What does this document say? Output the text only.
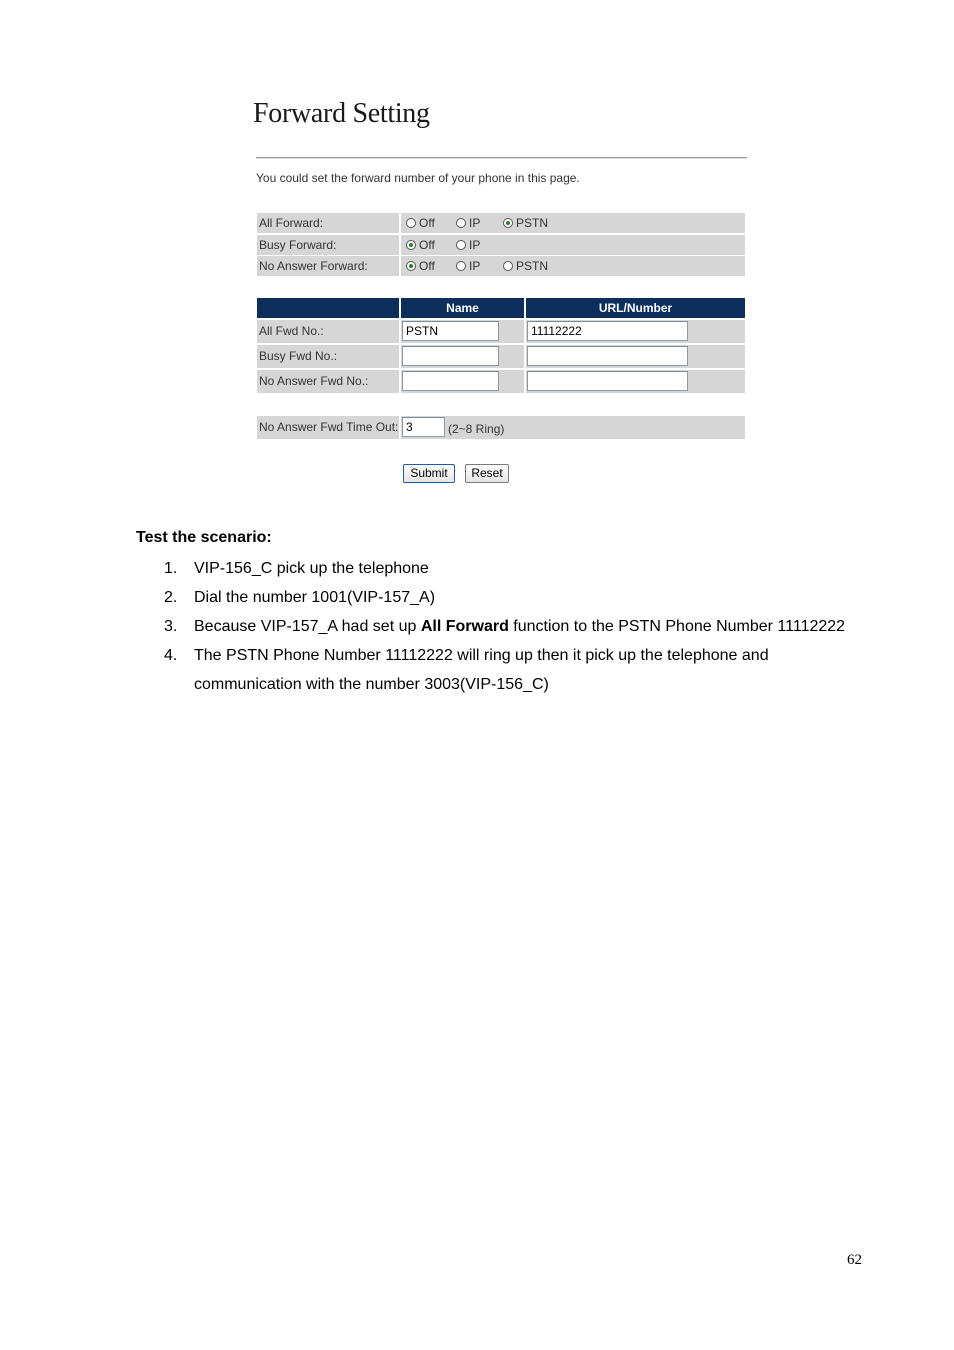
Forward Setting
You could set the forward number of your phone in this page.
All Forward:	Off	IP	PSTN
Busy Forward:	Off	IP
No Answer Forward:	Off	IP	PSTN
Name	URL/Number
All Fwd No.:	PSTN	11112222
Busy Fwd No.:
No Answer Fwd No.:
No Answer Fwd Time Out: 3	(2~8 Ring)
Submit	Reset
Test the scenario:
1. VIP-156_C pick up the telephone
2. Dial the number 1001(VIP-157_A)
3. Because VIP-157_A had set up All Forward function to the PSTN Phone Number 11112222
4. The PSTN Phone Number 11112222 will ring up then it pick up the telephone and communication with the number 3003(VIP-156_C)
62
